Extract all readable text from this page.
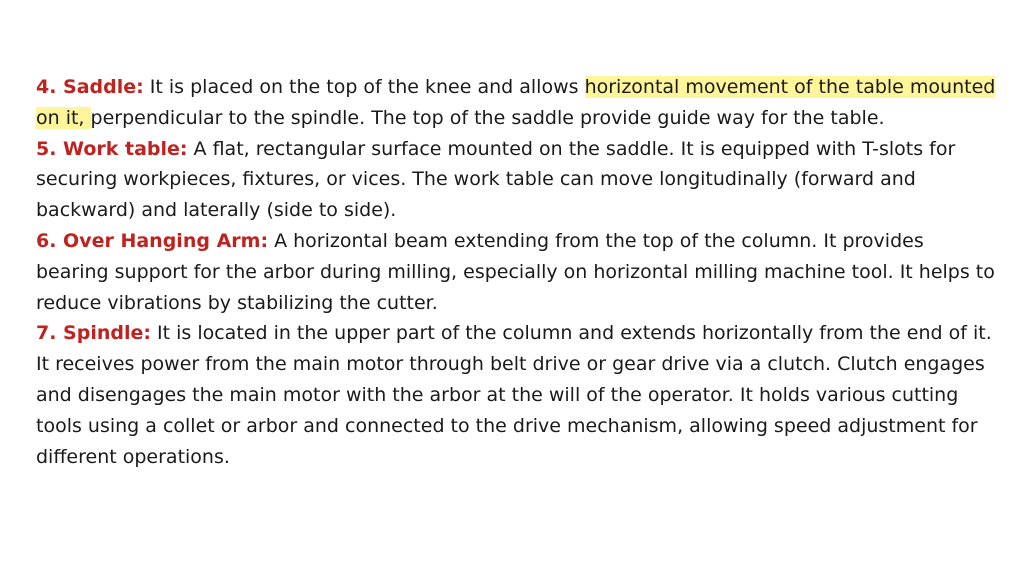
4. Saddle: It is placed on the top of the knee and allows horizontal movement of the table mounted on it, perpendicular to the spindle. The top of the saddle provide guide way for the table.

5. Work table: A flat, rectangular surface mounted on the saddle. It is equipped with T-slots for securing workpieces, fixtures, or vices. The work table can move longitudinally (forward and backward) and laterally (side to side).

6. Over Hanging Arm: A horizontal beam extending from the top of the column. It provides bearing support for the arbor during milling, especially on horizontal milling machine tool. It helps to reduce vibrations by stabilizing the cutter.

7. Spindle: It is located in the upper part of the column and extends horizontally from the end of it. It receives power from the main motor through belt drive or gear drive via a clutch. Clutch engages and disengages the main motor with the arbor at the will of the operator. It holds various cutting tools using a collet or arbor and connected to the drive mechanism, allowing speed adjustment for different operations.
